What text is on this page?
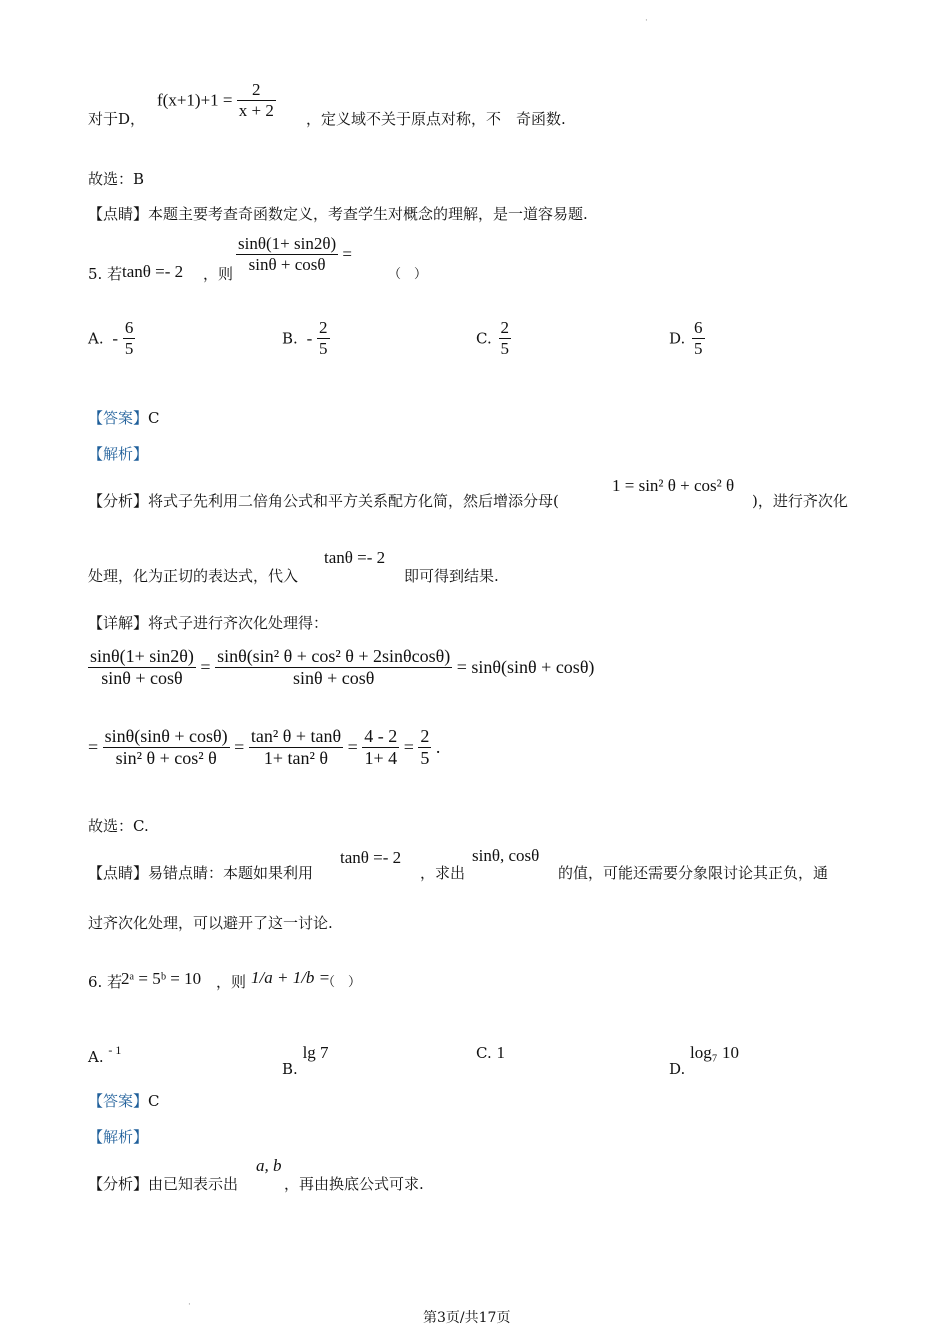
·
·
对于D，
$f(x+1)+1 = \frac{2}{x + 2}$ ，定义域不关于原点对称，不　奇函数.
故选：B
【点睛】本题主要考查奇函数定义，考查学生对概念的理解，是一道容易题.
5. 若 tanθ =- 2 ，则 $\frac{\sin\theta(1+ \sin 2\theta)}{\sin\theta + \cos\theta}$ =
（　）
A. - $\frac{6}{5}$	B. - $\frac{2}{5}$	C. $\frac{2}{5}$	D. $\frac{6}{5}$
【答案】C
【解析】
【分析】将式子先利用二倍角公式和平方关系配方化简，然后增添分母(
1 = sin² θ + cos² θ
)，进行齐次化
处理，化为正切的表达式，代入
tanθ =- 2
即可得到结果.
【详解】将式子进行齐次化处理得：
$\frac{\sin\theta(1+ \sin 2\theta)}{\sin\theta + \cos\theta} = \frac{\text{sinθ(sin² θ + cos² θ + 2sinθcosθ)}}{\sin\theta + \cos\theta} = \sin\theta(\sin\theta + \cos\theta)$
= $\frac{\sin\theta(\sin\theta + \cos\theta)}{\text{sin² θ + cos² θ}} = \frac{\text{tan² θ + tanθ}}{\text{1+ tan² θ}} = \frac{4 - 2}{1+ 4} = \frac{2}{5}$ .
故选：C.
【点睛】易错点睛：本题如果利用
tanθ =- 2
，求出
sinθ, cosθ
的值，可能还需要分象限讨论其正负，通
过齐次化处理，可以避开了这一讨论.
6. 若
2ᵃ = 5ᵇ = 10 ，则 1/a + 1/b =
（　）
A. $^{- 1}$
B. lg 7	C. 1
D. log₇ 10
【答案】C
【解析】
【分析】由已知表示出
a, b
，再由换底公式可求.
第3页/共17页
